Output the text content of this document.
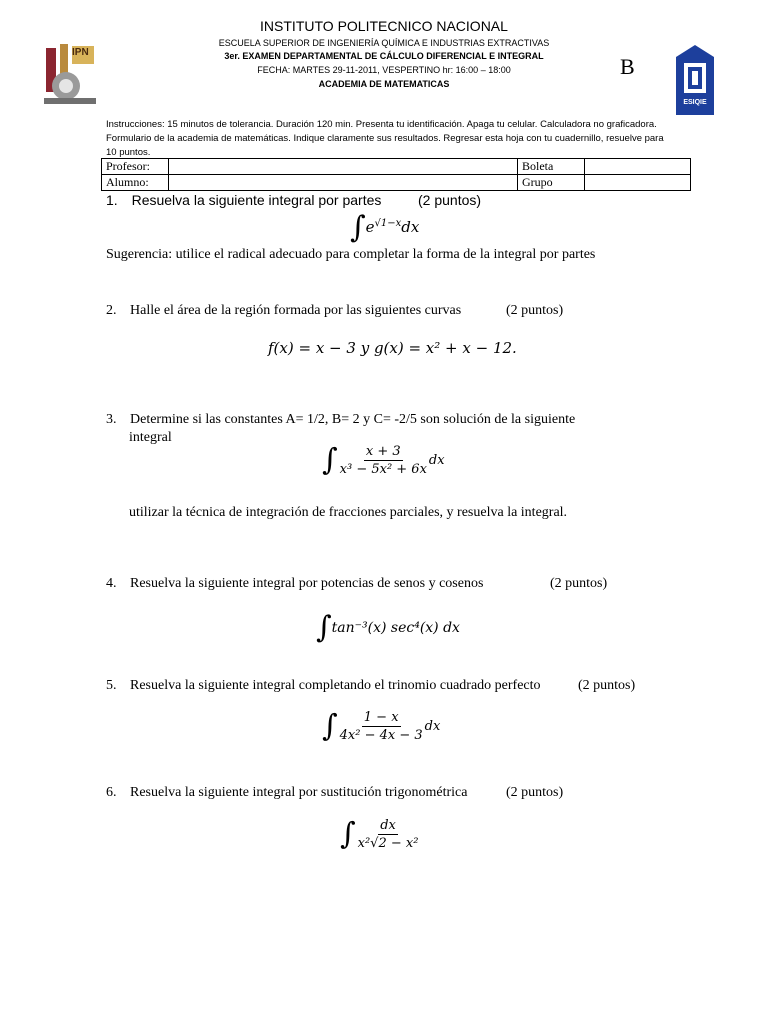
IPN
ESIQIE
INSTITUTO POLITECNICO NACIONAL
ESCUELA SUPERIOR DE INGENIERÍA QUÍMICA E INDUSTRIAS EXTRACTIVAS
3er. EXAMEN DEPARTAMENTAL DE CÁLCULO DIFERENCIAL E INTEGRAL
FECHA: MARTES 29-11-2011, VESPERTINO hr: 16:00 – 18:00
ACADEMIA DE MATEMATICAS
B
Instrucciones: 15 minutos de tolerancia. Duración 120 min. Presenta tu identificación. Apaga tu celular. Calculadora no graficadora. Formulario de la academia de matemáticas. Indique claramente sus resultados. Regresar esta hoja con tu cuadernillo, resuelve para 10 puntos.
Profesor:		Boleta	
Alumno:		Grupo	
1. Resuelva la siguiente integral por partes	(2 puntos)
$\int e^{√1-x}dx$
Sugerencia: utilice el radical adecuado para completar la forma de la integral por partes
2. Halle el área de la región formada por las siguientes curvas	(2 puntos)
f(x) = x − 3 y g(x) = x² + x − 12.
3. Determine si las constantes A= 1/2, B= 2 y C= -2/5 son solución de la siguiente
integral
∫ $\frac{x + 3}{\text{x³ − 5x² + 6x}}$ dx
utilizar la técnica de integración de fracciones parciales, y resuelva la integral.
4. Resuelva la siguiente integral por potencias de senos y cosenos	(2 puntos)
∫tan⁻³(x) sec⁴(x) dx
5. Resuelva la siguiente integral completando el trinomio cuadrado perfecto	(2 puntos)
∫ $\frac{1 - x}{\text{4x² − 4x − 3}}$ dx
6. Resuelva la siguiente integral por sustitución trigonométrica	(2 puntos)
∫ $\frac{dx}{\text{x²√2 − x²}}$
